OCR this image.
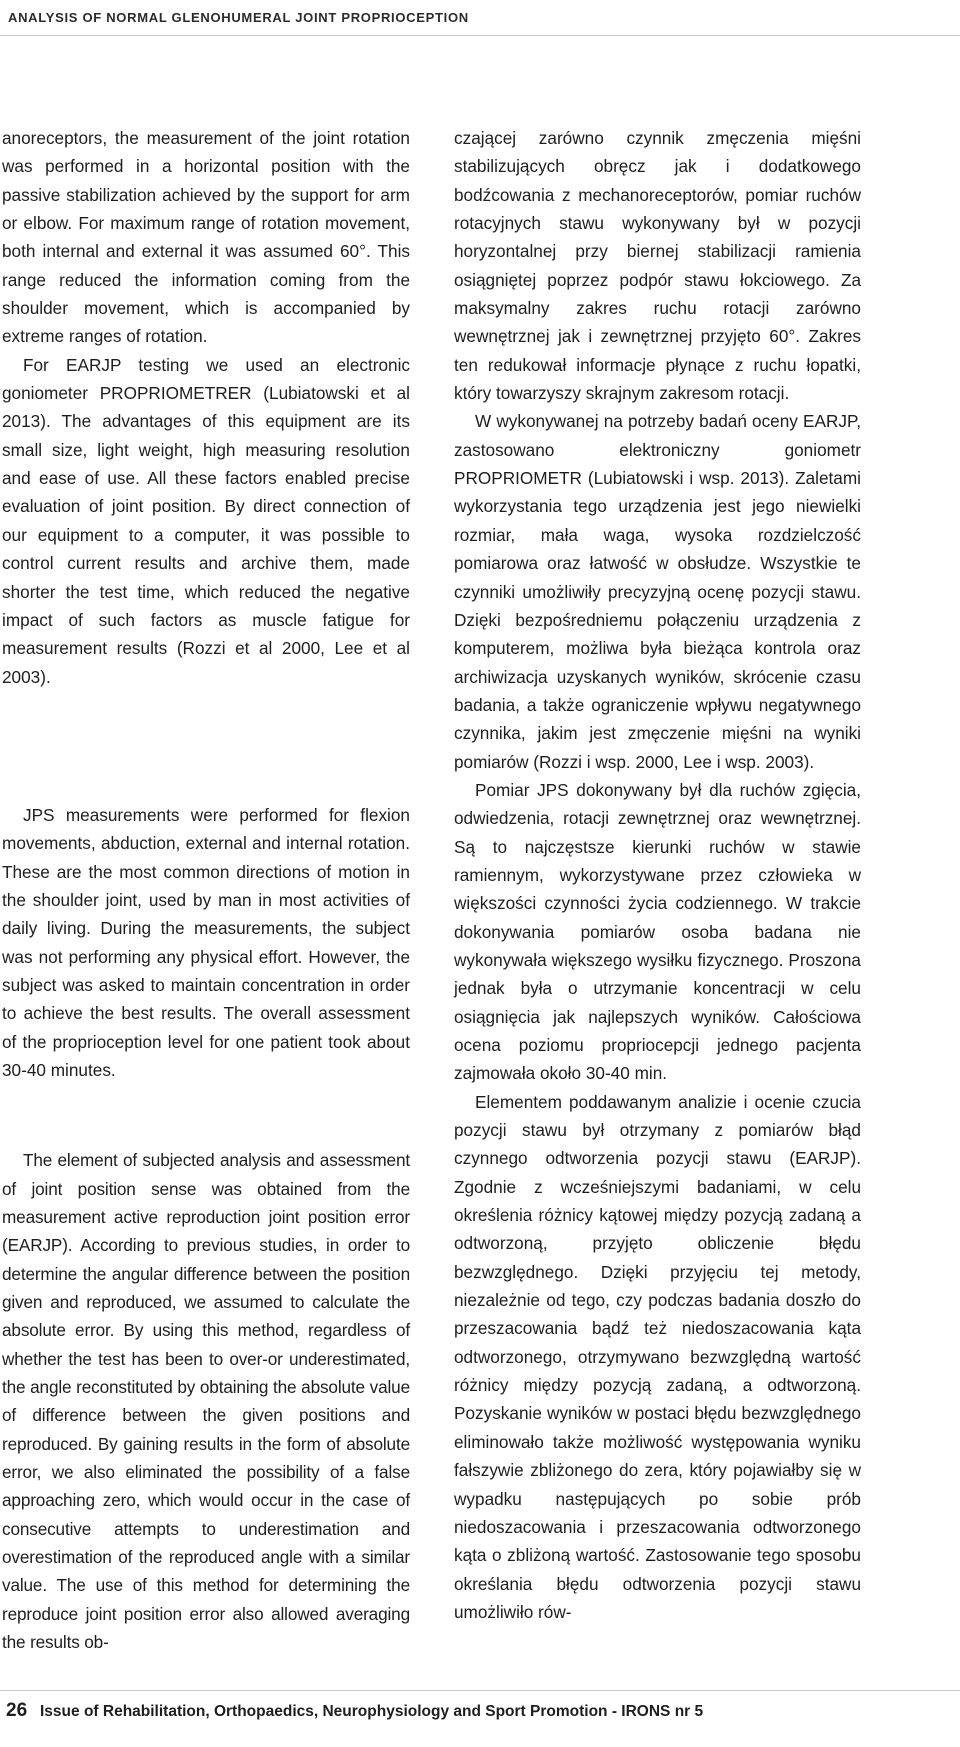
ANALYSIS OF NORMAL GLENOHUMERAL JOINT PROPRIOCEPTION

anoreceptors, the measurement of the joint rotation was performed in a horizontal position with the passive stabilization achieved by the support for arm or elbow. For maximum range of rotation movement, both internal and external it was assumed 60°. This range reduced the information coming from the shoulder movement, which is accompanied by extreme ranges of rotation.

For EARJP testing we used an electronic goniometer PROPRIOMETRER (Lubiatowski et al 2013). The advantages of this equipment are its small size, light weight, high measuring resolution and ease of use. All these factors enabled precise evaluation of joint position. By direct connection of our equipment to a computer, it was possible to control current results and archive them, made shorter the test time, which reduced the negative impact of such factors as muscle fatigue for measurement results (Rozzi et al 2000, Lee et al 2003).

JPS measurements were performed for flexion movements, abduction, external and internal rotation. These are the most common directions of motion in the shoulder joint, used by man in most activities of daily living. During the measurements, the subject was not performing any physical effort. However, the subject was asked to maintain concentration in order to achieve the best results. The overall assessment of the proprioception level for one patient took about 30-40 minutes.

The element of subjected analysis and assessment of joint position sense was obtained from the measurement active reproduction joint position error (EARJP). According to previous studies, in order to determine the angular difference between the position given and reproduced, we assumed to calculate the absolute error. By using this method, regardless of whether the test has been to over-or underestimated, the angle reconstituted by obtaining the absolute value of difference between the given positions and reproduced. By gaining results in the form of absolute error, we also eliminated the possibility of a false approaching zero, which would occur in the case of consecutive attempts to underestimation and overestimation of the reproduced angle with a similar value. The use of this method for determining the reproduce joint position error also allowed averaging the results ob-

czającej zarówno czynnik zmęczenia mięśni stabilizujących obręcz jak i dodatkowego bodźcowania z mechanoreceptorów, pomiar ruchów rotacyjnych stawu wykonywany był w pozycji horyzontalnej przy biernej stabilizacji ramienia osiągniętej poprzez podpór stawu łokciowego. Za maksymalny zakres ruchu rotacji zarówno wewnętrznej jak i zewnętrznej przyjęto 60°. Zakres ten redukował informacje płynące z ruchu łopatki, który towarzyszy skrajnym zakresom rotacji.

W wykonywanej na potrzeby badań oceny EARJP, zastosowano elektroniczny goniometr PROPRIOMETR (Lubiatowski i wsp. 2013). Zaletami wykorzystania tego urządzenia jest jego niewielki rozmiar, mała waga, wysoka rozdzielczość pomiarowa oraz łatwość w obsłudze. Wszystkie te czynniki umożliwiły precyzyjną ocenę pozycji stawu. Dzięki bezpośredniemu połączeniu urządzenia z komputerem, możliwa była bieżąca kontrola oraz archiwizacja uzyskanych wyników, skrócenie czasu badania, a także ograniczenie wpływu negatywnego czynnika, jakim jest zmęczenie mięśni na wyniki pomiarów (Rozzi i wsp. 2000, Lee i wsp. 2003).

Pomiar JPS dokonywany był dla ruchów zgięcia, odwiedzenia, rotacji zewnętrznej oraz wewnętrznej. Są to najczęstsze kierunki ruchów w stawie ramiennym, wykorzystywane przez człowieka w większości czynności życia codziennego. W trakcie dokonywania pomiarów osoba badana nie wykonywała większego wysiłku fizycznego. Proszona jednak była o utrzymanie koncentracji w celu osiągnięcia jak najlepszych wyników. Całościowa ocena poziomu propriocepcji jednego pacjenta zajmowała około 30-40 min.

Elementem poddawanym analizie i ocenie czucia pozycji stawu był otrzymany z pomiarów błąd czynnego odtworzenia pozycji stawu (EARJP). Zgodnie z wcześniejszymi badaniami, w celu określenia różnicy kątowej między pozycją zadaną a odtworzoną, przyjęto obliczenie błędu bezwzględnego. Dzięki przyjęciu tej metody, niezależnie od tego, czy podczas badania doszło do przeszacowania bądź też niedoszacowania kąta odtworzonego, otrzymywano bezwzględną wartość różnicy między pozycją zadaną, a odtworzoną. Pozyskanie wyników w postaci błędu bezwzględnego eliminowało także możliwość występowania wyniku fałszywie zbliżonego do zera, który pojawiałby się w wypadku następujących po sobie prób niedoszacowania i przeszacowania odtworzonego kąta o zbliżoną wartość. Zastosowanie tego sposobu określania błędu odtworzenia pozycji stawu umożliwiło rów-

26 Issue of Rehabilitation, Orthopaedics, Neurophysiology and Sport Promotion - IRONS nr 5
